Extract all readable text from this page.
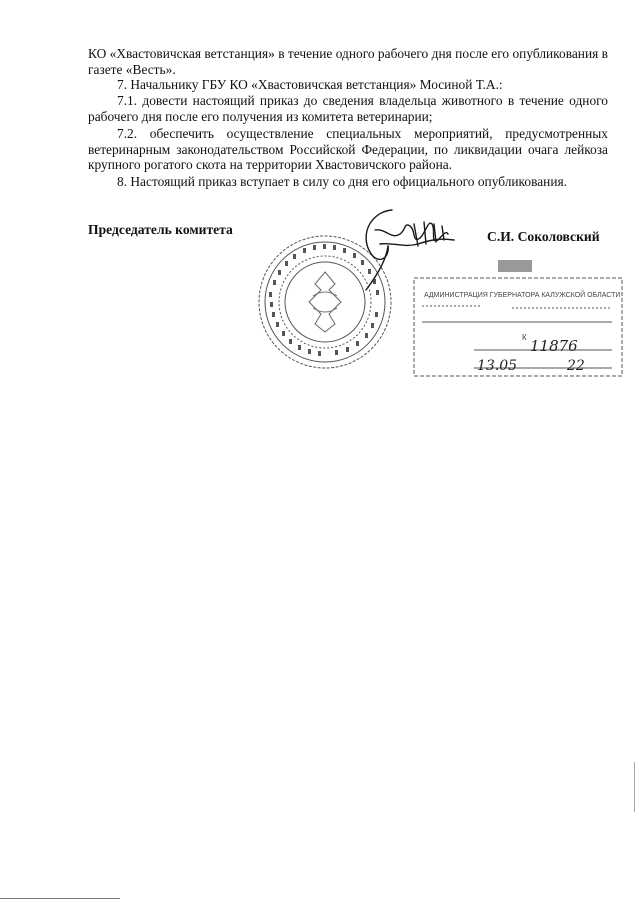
КО «Хвастовичская ветстанция» в течение одного рабочего дня после его опубликования в газете «Весть».

7. Начальнику ГБУ КО «Хвастовичская ветстанция» Мосиной Т.А.:

7.1. довести настоящий приказ до сведения владельца животного в течение одного рабочего дня после его получения из комитета ветеринарии;

7.2. обеспечить осуществление специальных мероприятий, предусмотренных ветеринарным законодательством Российской Федерации, по ликвидации очага лейкоза крупного рогатого скота на территории Хвастовичского района.

8. Настоящий приказ вступает в силу со дня его официального опубликования.

Председатель комитета	С.И. Соколовский
АДМИНИСТРАЦИЯ ГУБЕРНАТОРА КАЛУЖСКОЙ ОБЛАСТИ
К 11876
13.05	22
